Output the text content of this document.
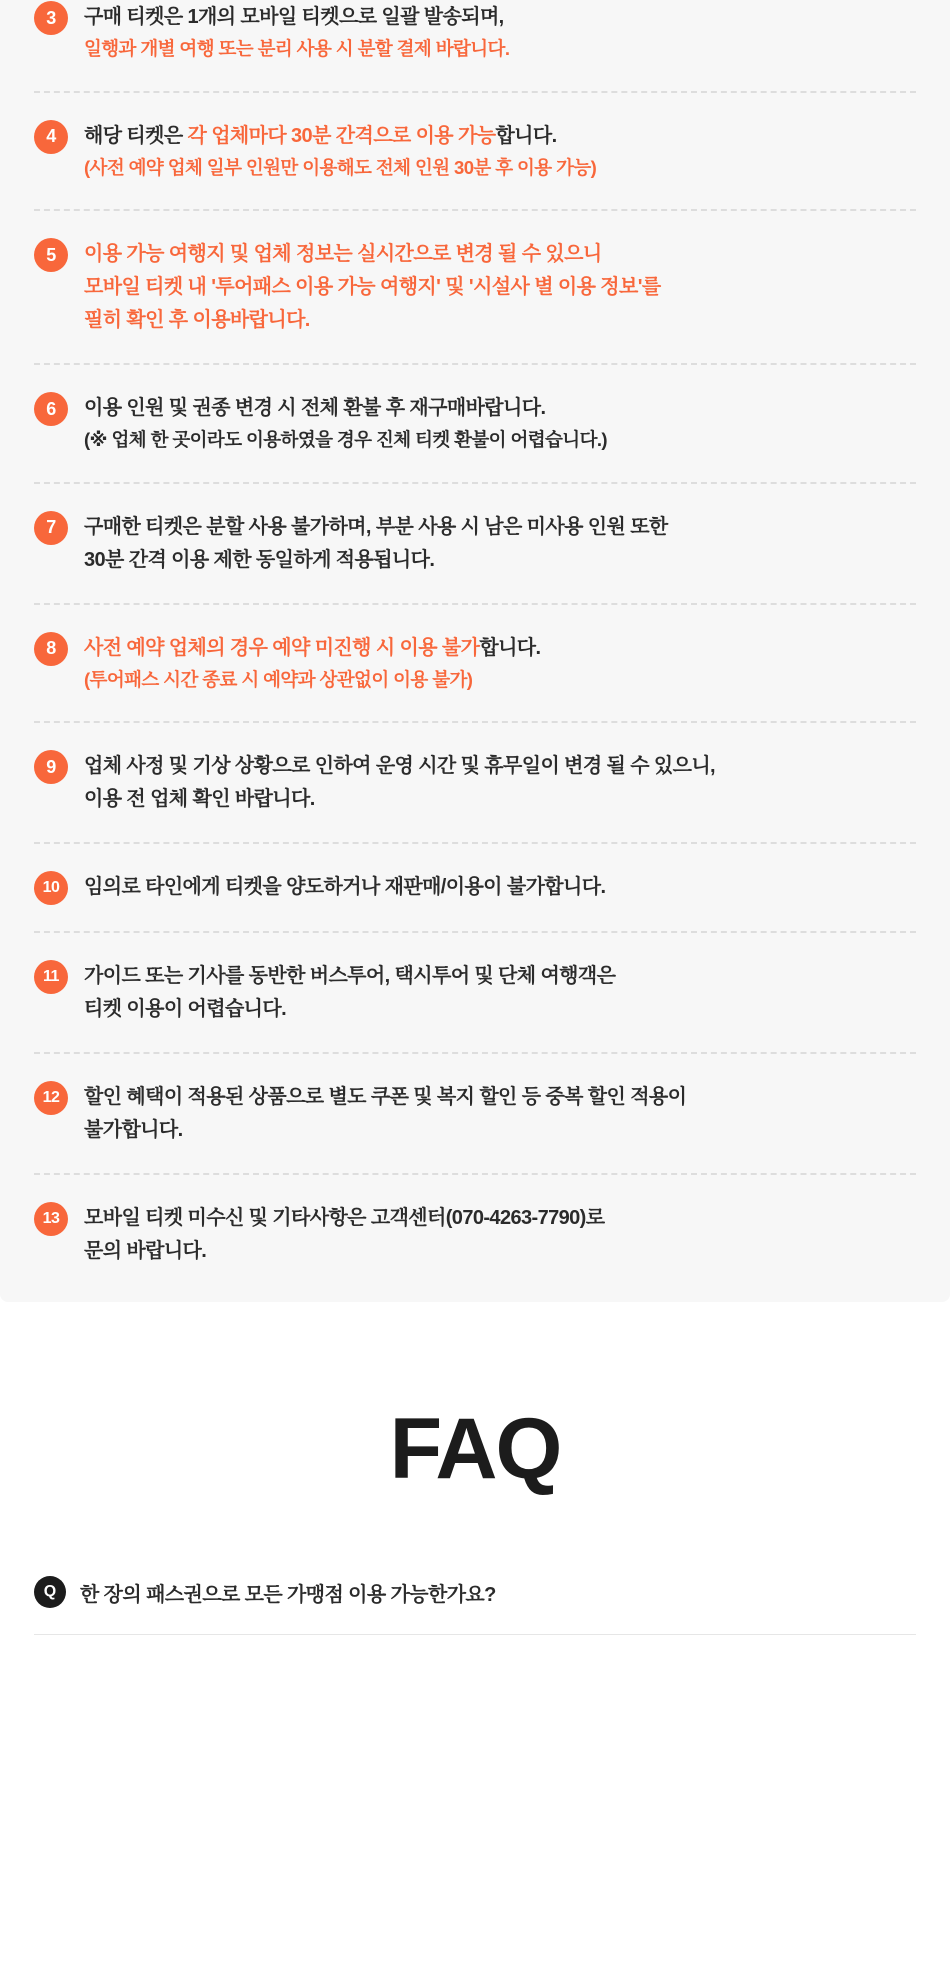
3	구매 티켓은 1개의 모바일 티켓으로 일괄 발송되며,
일행과 개별 여행 또는 분리 사용 시 분할 결제 바랍니다.
4	해당 티켓은 각 업체마다 30분 간격으로 이용 가능합니다.
(사전 예약 업체 일부 인원만 이용해도 전체 인원 30분 후 이용 가능)
5	이용 가능 여행지 및 업체 정보는 실시간으로 변경 될 수 있으니
모바일 티켓 내 '투어패스 이용 가능 여행지' 및 '시설사 별 이용 정보'를
필히 확인 후 이용바랍니다.
6	이용 인원 및 권종 변경 시 전체 환불 후 재구매바랍니다.
(※ 업체 한 곳이라도 이용하였을 경우 진체 티켓 환불이 어렵습니다.)
7	구매한 티켓은 분할 사용 불가하며, 부분 사용 시 남은 미사용 인원 또한
30분 간격 이용 제한 동일하게 적용됩니다.
8	사전 예약 업체의 경우 예약 미진행 시 이용 불가합니다.
(투어패스 시간 종료 시 예약과 상관없이 이용 불가)
9	업체 사정 및 기상 상황으로 인하여 운영 시간 및 휴무일이 변경 될 수 있으니,
이용 전 업체 확인 바랍니다.
10	임의로 타인에게 티켓을 양도하거나 재판매/이용이 불가합니다.
11	가이드 또는 기사를 동반한 버스투어, 택시투어 및 단체 여행객은
티켓 이용이 어렵습니다.
12	할인 혜택이 적용된 상품으로 별도 쿠폰 및 복지 할인 등 중복 할인 적용이
불가합니다.
13	모바일 티켓 미수신 및 기타사항은 고객센터(070-4263-7790)로
문의 바랍니다.
FAQ
Q	한 장의 패스권으로 모든 가맹점 이용 가능한가요?
